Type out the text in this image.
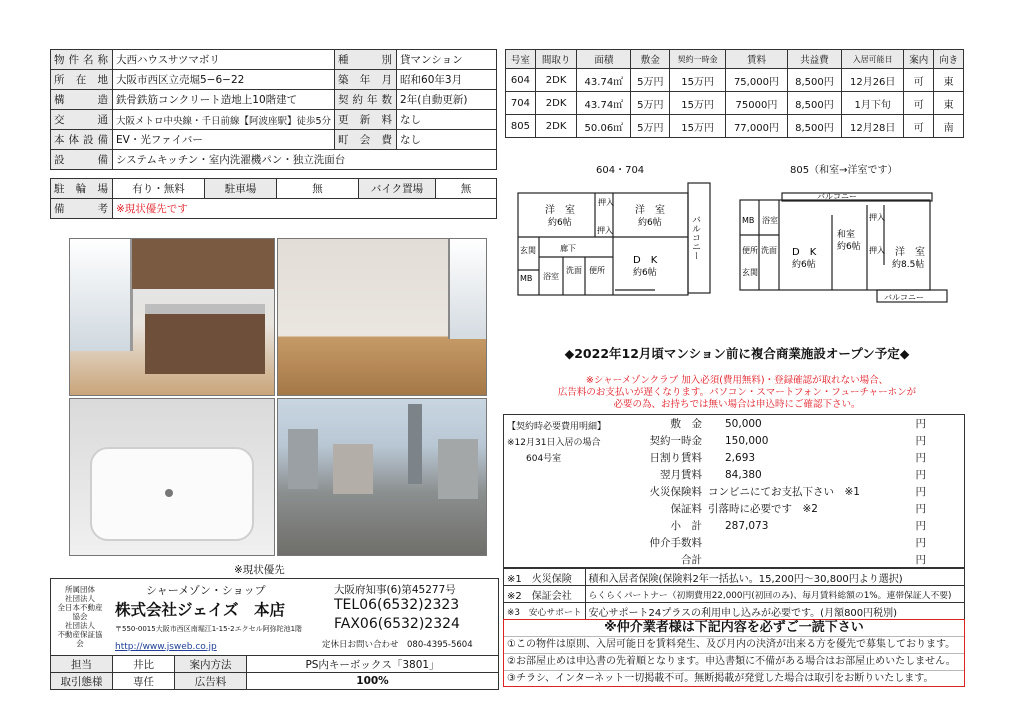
物件名称	大西ハウスサツマボリ	種　　別	貸マンション
所在地	大阪市西区立売堀5−6−22	築年月	昭和60年3月
構造	鉄骨鉄筋コンクリート造地上10階建て	契約年数	2年(自動更新)
交通	大阪メトロ中央線・千日前線【阿波座駅】徒歩5分	更新料	なし
本体設備	EV・光ファイバー	町会費	なし
設備	システムキッチン・室内洗濯機パン・独立洗面台		
駐輪場	有り・無料	駐車場	無	バイク置場	無
備考	※現状優先です				
※現状優先
所属団体
社団法人
全日本不動産協会
社団法人
不動産保証協会
シャーメゾン・ショップ
株式会社ジェイズ　本店
〒550-0015大阪市西区南堀江1-15-2エクセル阿弥陀池1階
http://www.jsweb.co.jp
大阪府知事(6)第45277号
TEL06(6532)2323
FAX06(6532)2324
定休日お問い合わせ　080-4395-5604
担当	井比	案内方法	PS内キーボックス「3801」
取引態様	専任	広告料	100%
号室	間取り	面積	敷金	契約一時金	賃料	共益費	入居可能日	案内	向き
604	2DK	43.74㎡	5万円	15万円	75,000円	8,500円	12月26日	可	東
704	2DK	43.74㎡	5万円	15万円	75000円	8,500円	1月下旬	可	東
805	2DK	50.06㎡	5万円	15万円	77,000円	8,500円	12月28日	可	南
604・704	805（和室→洋室です）
洋　室
約6帖
押入
洋　室
約6帖
押入
玄関	廊下
MB 浴室
洗面 便所
D　K
約6帖
バルコニー
バルコニー
MB 浴室
洗面
便所
玄関
D　K
約6帖
和室
約6帖
押入
押入 洋　室
約8.5帖
バルコニー
◆2022年12月頃マンション前に複合商業施設オープン予定◆
※シャーメゾンクラブ 加入必須(費用無料)・登録確認が取れない場合、
広告料のお支払いが遅くなります。パソコン・スマートフォン・フューチャーホンが
必要の為、お持ちでは無い場合は申込時にご確認下さい。
【契約時必要費用明細】
※12月31日入居の場合
604号室
敷　金	50,000	円
契約一時金	150,000	円
日割り賃料	2,693	円
翌月賃料	84,380	円
火災保険料	コンビニにてお支払下さい　※1	円
保証料	引落時に必要です　※2	円
小　計	287,073	円
仲介手数料		円
合計		円
※1　火災保険	積和入居者保険(保険料2年一括払い。15,200円～30,800円より選択)
※2　保証会社	らくらくパートナー（初期費用22,000円(初回のみ)、毎月賃料総額の1%。連帯保証人不要)
※3　安心サポート	安心サポート24プラスの利用申し込みが必要です。(月額800円税別)
※仲介業者様は下記内容を必ずご一読下さい
①この物件は原則、入居可能日を賃料発生、及び月内の決済が出来る方を優先で募集しております。
②お部屋止めは申込書の先着順となります。申込書類に不備がある場合はお部屋止めいたしません。
③チラシ、インターネット一切掲載不可。無断掲載が発覚した場合は取引をお断りいたします。
